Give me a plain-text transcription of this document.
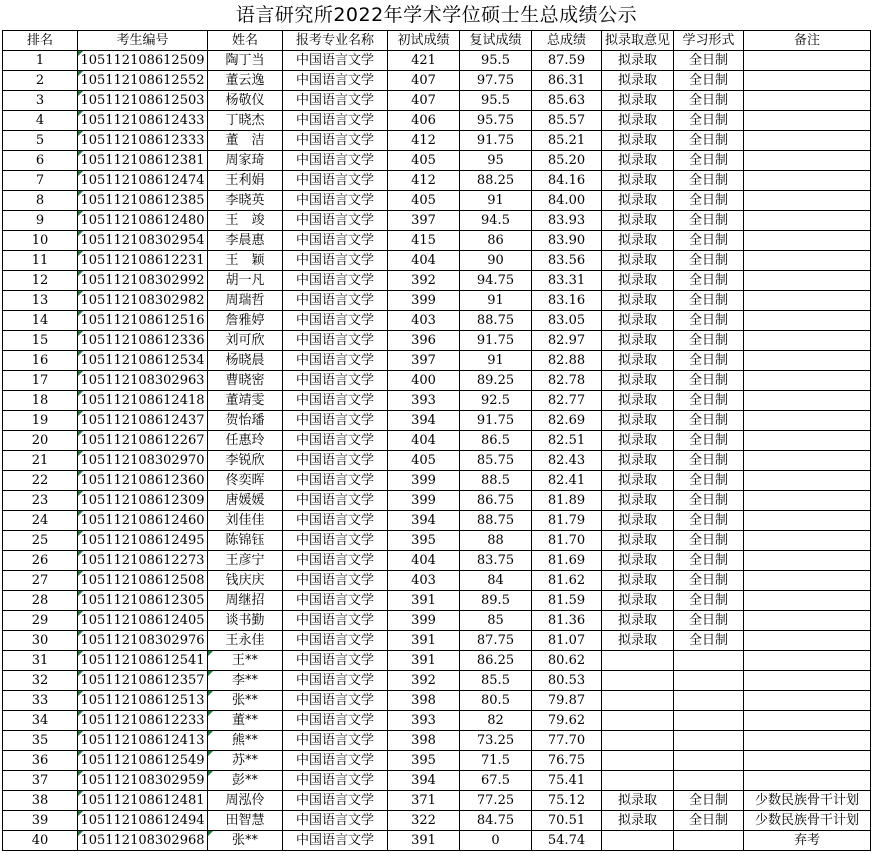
语言研究所2022年学术学位硕士生总成绩公示
排名	考生编号	姓名	报考专业名称	初试成绩	复试成绩	总成绩	拟录取意见	学习形式	备注
1	105112108612509	陶丁当	中国语言文学	421	95.5	87.59	拟录取	全日制	
2	105112108612552	董云逸	中国语言文学	407	97.75	86.31	拟录取	全日制	
3	105112108612503	杨敬仪	中国语言文学	407	95.5	85.63	拟录取	全日制	
4	105112108612433	丁晓杰	中国语言文学	406	95.75	85.57	拟录取	全日制	
5	105112108612333	董　洁	中国语言文学	412	91.75	85.21	拟录取	全日制	
6	105112108612381	周家琦	中国语言文学	405	95	85.20	拟录取	全日制	
7	105112108612474	王利娟	中国语言文学	412	88.25	84.16	拟录取	全日制	
8	105112108612385	李晓英	中国语言文学	405	91	84.00	拟录取	全日制	
9	105112108612480	王　竣	中国语言文学	397	94.5	83.93	拟录取	全日制	
10	105112108302954	李晨惠	中国语言文学	415	86	83.90	拟录取	全日制	
11	105112108612231	王　颖	中国语言文学	404	90	83.56	拟录取	全日制	
12	105112108302992	胡一凡	中国语言文学	392	94.75	83.31	拟录取	全日制	
13	105112108302982	周瑞哲	中国语言文学	399	91	83.16	拟录取	全日制	
14	105112108612516	詹雅婷	中国语言文学	403	88.75	83.05	拟录取	全日制	
15	105112108612336	刘可欣	中国语言文学	396	91.75	82.97	拟录取	全日制	
16	105112108612534	杨晓晨	中国语言文学	397	91	82.88	拟录取	全日制	
17	105112108302963	曹晓密	中国语言文学	400	89.25	82.78	拟录取	全日制	
18	105112108612418	董靖雯	中国语言文学	393	92.5	82.77	拟录取	全日制	
19	105112108612437	贺怡璠	中国语言文学	394	91.75	82.69	拟录取	全日制	
20	105112108612267	任惠玲	中国语言文学	404	86.5	82.51	拟录取	全日制	
21	105112108302970	李锐欣	中国语言文学	405	85.75	82.43	拟录取	全日制	
22	105112108612360	佟奕晖	中国语言文学	399	88.5	82.41	拟录取	全日制	
23	105112108612309	唐媛媛	中国语言文学	399	86.75	81.89	拟录取	全日制	
24	105112108612460	刘佳佳	中国语言文学	394	88.75	81.79	拟录取	全日制	
25	105112108612495	陈锦钰	中国语言文学	395	88	81.70	拟录取	全日制	
26	105112108612273	王彦宁	中国语言文学	404	83.75	81.69	拟录取	全日制	
27	105112108612508	钱庆庆	中国语言文学	403	84	81.62	拟录取	全日制	
28	105112108612305	周继招	中国语言文学	391	89.5	81.59	拟录取	全日制	
29	105112108612405	谈书勤	中国语言文学	399	85	81.36	拟录取	全日制	
30	105112108302976	王永佳	中国语言文学	391	87.75	81.07	拟录取	全日制	
31	105112108612541	王**	中国语言文学	391	86.25	80.62			
32	105112108612357	李**	中国语言文学	392	85.5	80.53			
33	105112108612513	张**	中国语言文学	398	80.5	79.87			
34	105112108612233	董**	中国语言文学	393	82	79.62			
35	105112108612413	熊**	中国语言文学	398	73.25	77.70			
36	105112108612549	苏**	中国语言文学	395	71.5	76.75			
37	105112108302959	彭**	中国语言文学	394	67.5	75.41			
38	105112108612481	周泓伶	中国语言文学	371	77.25	75.12	拟录取	全日制	少数民族骨干计划
39	105112108612494	田智慧	中国语言文学	322	84.75	70.51	拟录取	全日制	少数民族骨干计划
40	105112108302968	张**	中国语言文学	391	0	54.74			弃考
